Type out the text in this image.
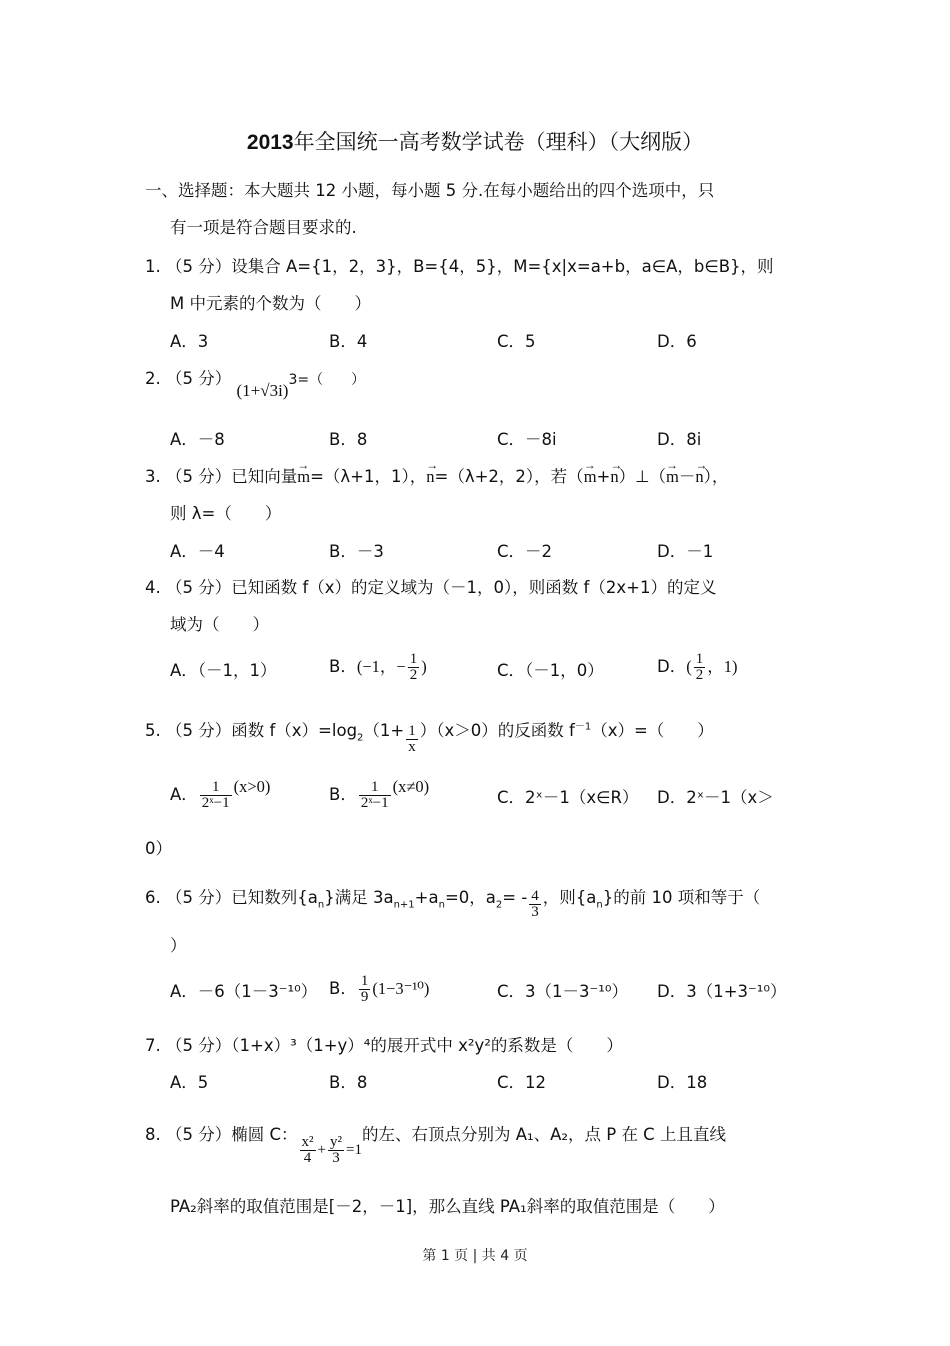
2013年全国统一高考数学试卷（理科）（大纲版）
一、选择题：本大题共 12 小题，每小题 5 分.在每小题给出的四个选项中，只
有一项是符合题目要求的.
1. （5 分）设集合 A={1，2，3}，B={4，5}，M={x|x=a+b，a∈A，b∈B}，则
M 中元素的个数为（　　）
A．3	B．4	C．5	D．6
2. （5 分） (1+√3i)3=（　　）
A．－8	B．8	C．－8i	D．8i
3. （5 分）已知向量→ m=（λ+1，1），→ n=（λ+2，2），若（→ m+→ n）⊥（→ m－→ n），
则 λ=（　　）
A．－4	B．－3	C．－2	D．－1
4. （5 分）已知函数 f（x）的定义域为（－1，0），则函数 f（2x+1）的定义
域为（　　）
A．（－1，1）	B．(−1，− $\frac{1}{2}$ )	C．（－1，0）	D．( $\frac{1}{2}$ ，1)
5. （5 分）函数 $f(x)=\log_2(1+ \frac{1}{x} )(x>0)$的反函数 $f^{-1}(x)=$（　　）
A． $\frac{1}{\text{2ˣ−1}} (x>0)$	B． $\frac{1}{\text{2ˣ−1}} (x\ne 0)$
C．2ˣ－1（x∈R） D．2ˣ－1（x＞
0）
6. （5 分）已知数列$\{a_n\}$满足 $3a_{n+1}+a_n=0$，$a_2= - \frac{4}{3}$ ，则$\{a_n\}$的前 10 项和等于（
）
A．－6（1－3⁻¹⁰） B． $\frac{1}{9} (1-3^{-10})$	C．3（1－3⁻¹⁰） D．3（1+3⁻¹⁰）
7. （5 分）（1+x）³（1+y）⁴的展开式中 x²y²的系数是（　　）
A．5	B．8	C．12	D．18
8. （5 分）椭圆 C：
$\frac{\text{x²}}{4} + \frac{\text{y²}}{3} =1$的左、右顶点分别为 A₁、A₂，点 P 在 C 上且直线
PA₂斜率的取值范围是[－2，－1]，那么直线 PA₁斜率的取值范围是（　　）
第 1 页 | 共 4 页
